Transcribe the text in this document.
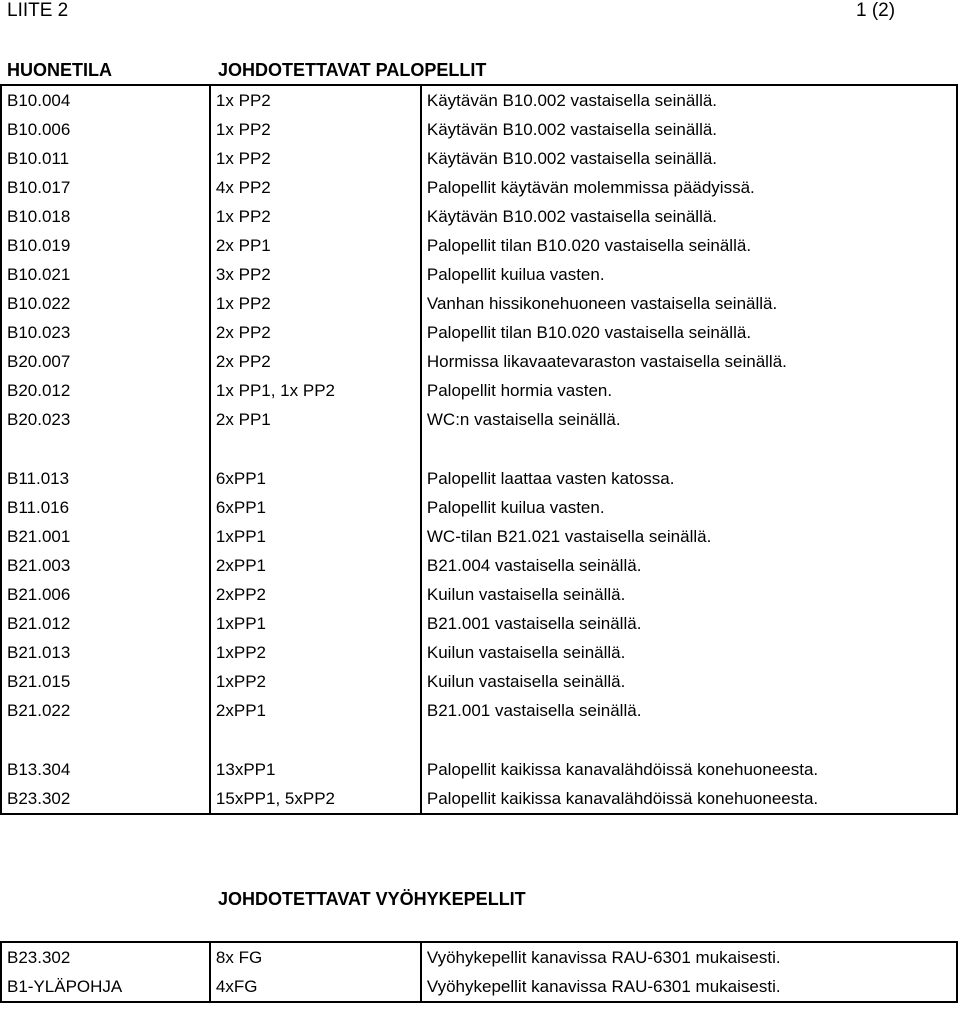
LIITE 2	1 (2)
HUONETILA	JOHDOTETTAVAT PALOPELLIT
B10.004	1x PP2	Käytävän B10.002 vastaisella seinällä.
B10.006	1x PP2	Käytävän B10.002 vastaisella seinällä.
B10.011	1x PP2	Käytävän B10.002 vastaisella seinällä.
B10.017	4x PP2	Palopellit käytävän molemmissa päädyissä.
B10.018	1x PP2	Käytävän B10.002 vastaisella seinällä.
B10.019	2x PP1	Palopellit tilan B10.020 vastaisella seinällä.
B10.021	3x PP2	Palopellit kuilua vasten.
B10.022	1x PP2	Vanhan hissikonehuoneen vastaisella seinällä.
B10.023	2x PP2	Palopellit tilan B10.020 vastaisella seinällä.
B20.007	2x PP2	Hormissa likavaatevaraston vastaisella seinällä.
B20.012	1x PP1, 1x PP2	Palopellit hormia vasten.
B20.023	2x PP1	WC:n vastaisella seinällä.

B11.013	6xPP1	Palopellit laattaa vasten katossa.
B11.016	6xPP1	Palopellit kuilua vasten.
B21.001	1xPP1	WC-tilan B21.021 vastaisella seinällä.
B21.003	2xPP1	B21.004 vastaisella seinällä.
B21.006	2xPP2	Kuilun vastaisella seinällä.
B21.012	1xPP1	B21.001 vastaisella seinällä.
B21.013	1xPP2	Kuilun vastaisella seinällä.
B21.015	1xPP2	Kuilun vastaisella seinällä.
B21.022	2xPP1	B21.001 vastaisella seinällä.

B13.304	13xPP1	Palopellit kaikissa kanavalähdöissä konehuoneesta.
B23.302	15xPP1, 5xPP2	Palopellit kaikissa kanavalähdöissä konehuoneesta.
JOHDOTETTAVAT VYÖHYKEPELLIT
B23.302	8x FG	Vyöhykepellit kanavissa RAU-6301 mukaisesti.
B1-YLÄPOHJA	4xFG	Vyöhykepellit kanavissa RAU-6301 mukaisesti.
